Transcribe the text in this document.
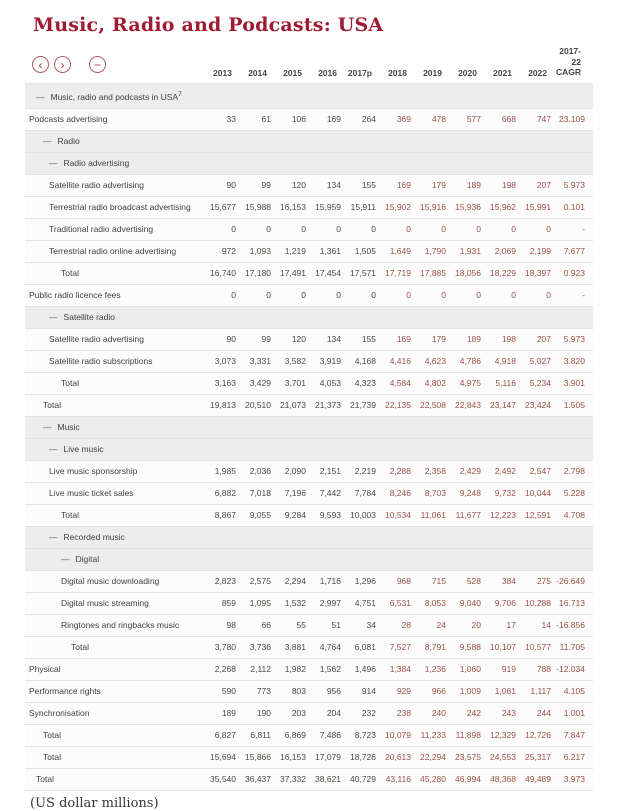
Music, Radio and Podcasts: USA
‹ › −
2013	2014	2015	2016	2017p	2018	2019	2020	2021	2022
2017-
22
CAGR
— Music, radio and podcasts in USA$^7$
Podcasts advertising	33	61	106	169	264	369	478	577	668	747 23.109
— Radio
— Radio advertising
Satellite radio advertising	90	99	120	134	155	169	179	189	198	207	5.973
Terrestrial radio broadcast advertising	15,677	15,988	16,153	15,959	15,911	15,902	15,916	15,936	15,962	15,991	0.101
Traditional radio advertising	0	0	0	0	0	0	0	0	0	0	-
Terrestrial radio online advertising	972	1,093	1,219	1,361	1,505	1,649	1,790	1,931	2,069	2,199	7.677
Total	16,740	17,180	17,491	17,454	17,571	17,719	17,885	18,056	18,229	18,397	0.923
Public radio licence fees	0	0	0	0	0	0	0	0	0	0	-
— Satellite radio
Satellite radio advertising	90	99	120	134	155	169	179	189	198	207	5.973
Satellite radio subscriptions	3,073	3,331	3,582	3,919	4,168	4,416	4,623	4,786	4,918	5,027	3.820
Total	3,163	3,429	3,701	4,053	4,323	4,584	4,802	4,975	5,116	5,234	3.901
Total	19,813	20,510	21,073	21,373	21,739	22,135	22,508	22,843	23,147	23,424	1.505
— Music
— Live music
Live music sponsorship	1,985	2,036	2,090	2,151	2,219	2,288	2,358	2,429	2,492	2,547	2.798
Live music ticket sales	6,882	7,018	7,196	7,442	7,784	8,246	8,703	9,248	9,732	10,044	5.228
Total	8,867	9,055	9,284	9,593	10,003	10,534	11,061	11,677	12,223	12,591	4.708
— Recorded music
— Digital
Digital music downloading	2,823	2,575	2,294	1,716	1,296	968	715	528	384	275 -26.649
Digital music streaming	859	1,095	1,532	2,997	4,751	6,531	8,053	9,040	9,706	10,288 16.713
Ringtones and ringbacks music	98	66	55	51	34	28	24	20	17	14 -16.856
Total	3,780	3,736	3,881	4,764	6,081	7,527	8,791	9,588	10,107	10,577	11.705
Physical	2,268	2,112	1,982	1,562	1,496	1,384	1,236	1,060	919	788 -12.034
Performance rights	590	773	803	956	914	929	966	1,009	1,061	1,117	4.105
Synchronisation	189	190	203	204	232	238	240	242	243	244	1.001
Total	6,827	6,811	6,869	7,486	8,723	10,079	11,233	11,898	12,329	12,726	7.847
Total	15,694	15,866	16,153	17,079	18,726	20,613	22,294	23,575	24,553	25,317	6.217
Total	35,540	36,437	37,332	38,621	40,729	43,116	45,280	46,994	48,368	49,489	3.973
(US dollar millions)
